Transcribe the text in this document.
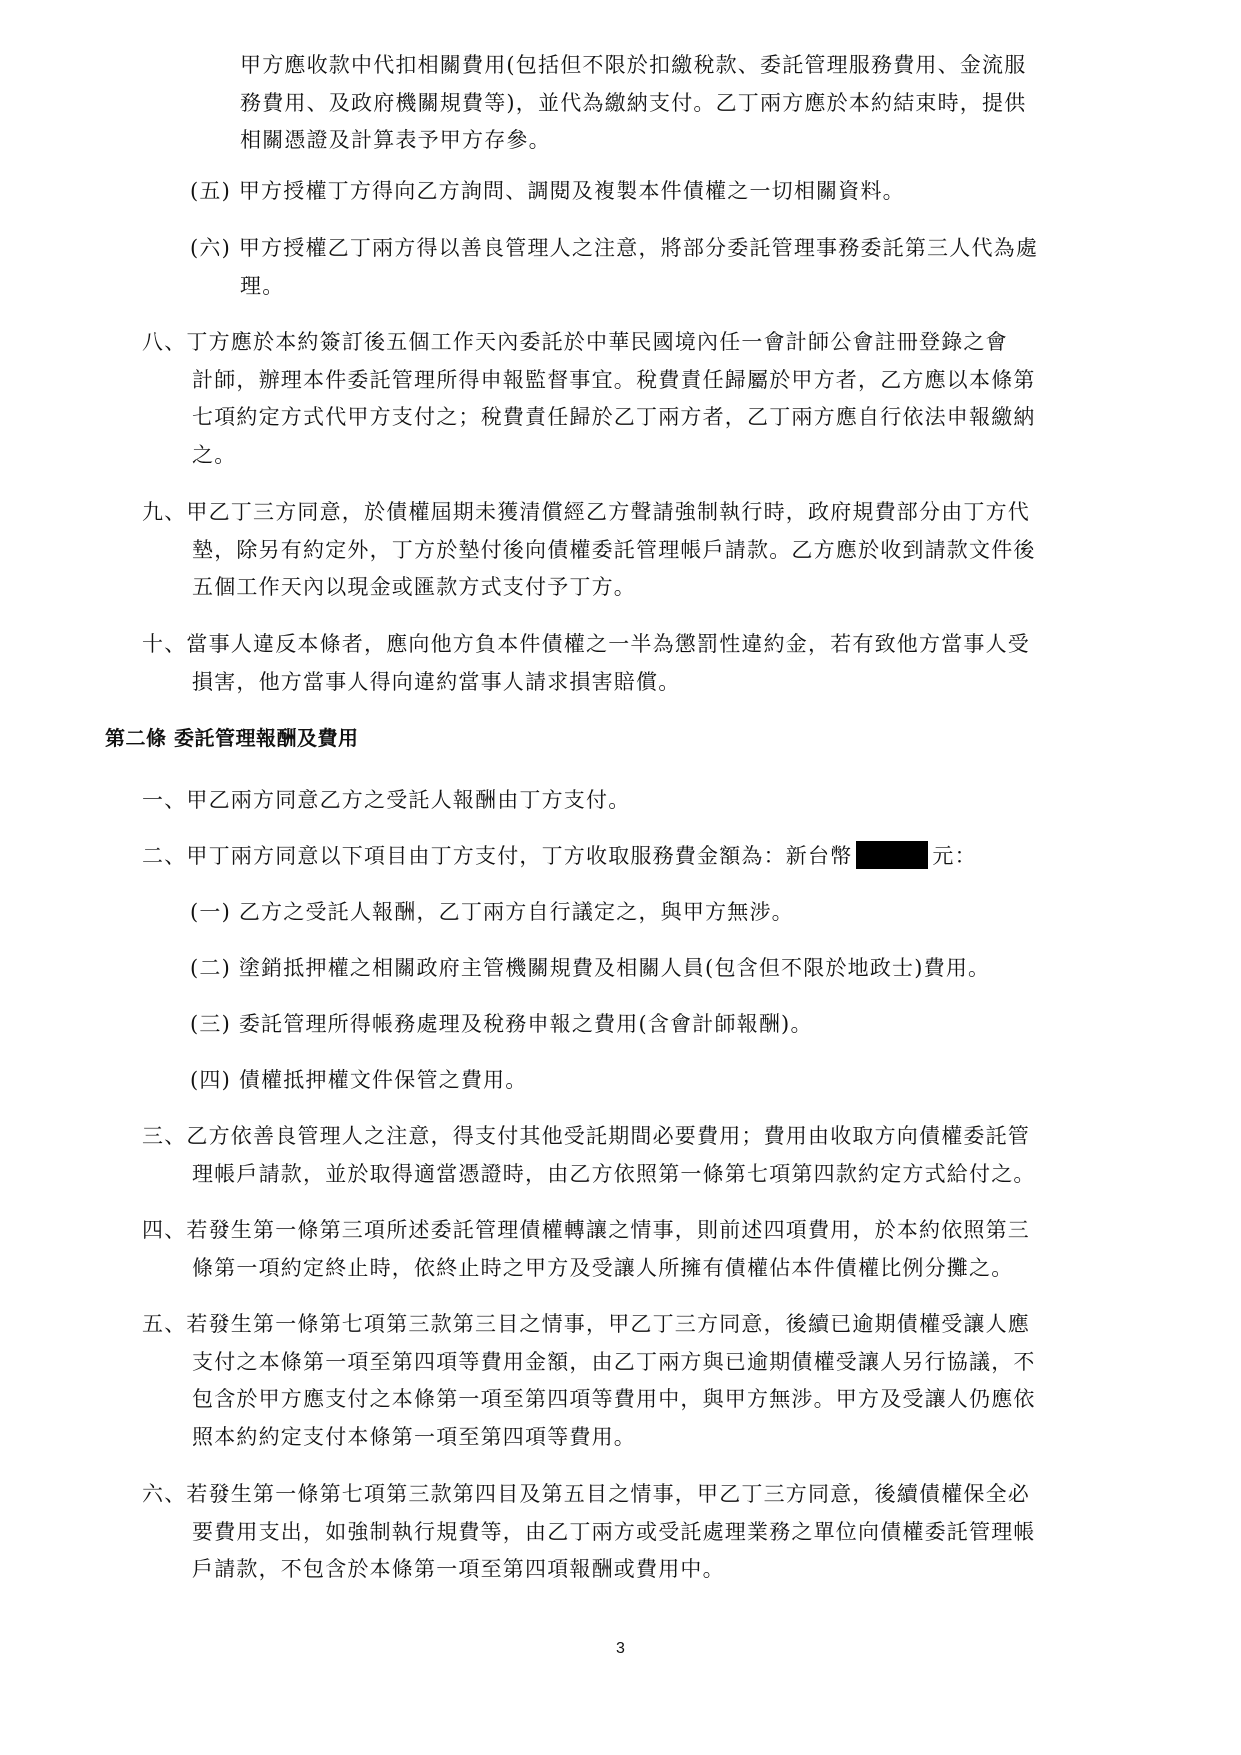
甲方應收款中代扣相關費用(包括但不限於扣繳稅款、委託管理服務費用、金流服
務費用、及政府機關規費等)，並代為繳納支付。乙丁兩方應於本約結束時，提供
相關憑證及計算表予甲方存參。
(五) 甲方授權丁方得向乙方詢問、調閱及複製本件債權之一切相關資料。
(六) 甲方授權乙丁兩方得以善良管理人之注意，將部分委託管理事務委託第三人代為處
理。
八、丁方應於本約簽訂後五個工作天內委託於中華民國境內任一會計師公會註冊登錄之會
計師，辦理本件委託管理所得申報監督事宜。稅費責任歸屬於甲方者，乙方應以本條第
七項約定方式代甲方支付之；稅費責任歸於乙丁兩方者，乙丁兩方應自行依法申報繳納
之。
九、甲乙丁三方同意，於債權屆期未獲清償經乙方聲請強制執行時，政府規費部分由丁方代
墊，除另有約定外，丁方於墊付後向債權委託管理帳戶請款。乙方應於收到請款文件後
五個工作天內以現金或匯款方式支付予丁方。
十、當事人違反本條者，應向他方負本件債權之一半為懲罰性違約金，若有致他方當事人受
損害，他方當事人得向違約當事人請求損害賠償。
第二條 委託管理報酬及費用
一、甲乙兩方同意乙方之受託人報酬由丁方支付。
二、甲丁兩方同意以下項目由丁方支付，丁方收取服務費金額為：新台幣	元：
(一) 乙方之受託人報酬，乙丁兩方自行議定之，與甲方無涉。
(二) 塗銷抵押權之相關政府主管機關規費及相關人員(包含但不限於地政士)費用。
(三) 委託管理所得帳務處理及稅務申報之費用(含會計師報酬)。
(四) 債權抵押權文件保管之費用。
三、乙方依善良管理人之注意，得支付其他受託期間必要費用；費用由收取方向債權委託管
理帳戶請款，並於取得適當憑證時，由乙方依照第一條第七項第四款約定方式給付之。
四、若發生第一條第三項所述委託管理債權轉讓之情事，則前述四項費用，於本約依照第三
條第一項約定終止時，依終止時之甲方及受讓人所擁有債權佔本件債權比例分攤之。
五、若發生第一條第七項第三款第三目之情事，甲乙丁三方同意，後續已逾期債權受讓人應
支付之本條第一項至第四項等費用金額，由乙丁兩方與已逾期債權受讓人另行協議，不
包含於甲方應支付之本條第一項至第四項等費用中，與甲方無涉。甲方及受讓人仍應依
照本約約定支付本條第一項至第四項等費用。
六、若發生第一條第七項第三款第四目及第五目之情事，甲乙丁三方同意，後續債權保全必
要費用支出，如強制執行規費等，由乙丁兩方或受託處理業務之單位向債權委託管理帳
戶請款，不包含於本條第一項至第四項報酬或費用中。
3
